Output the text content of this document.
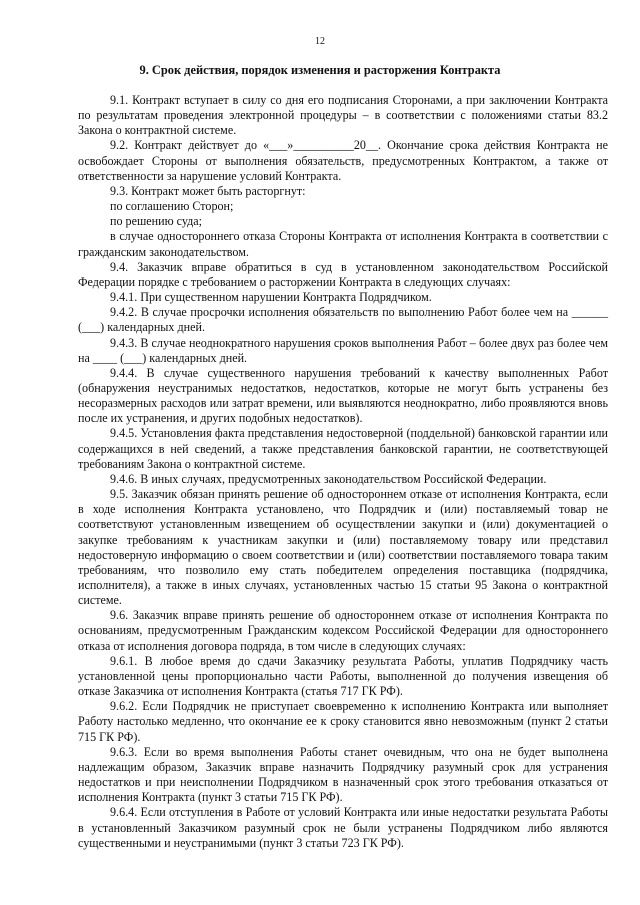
12
9. Срок действия, порядок изменения и расторжения Контракта

9.1. Контракт вступает в силу со дня его подписания Сторонами, а при заключении Контракта по результатам проведения электронной процедуры – в соответствии с положениями статьи 83.2 Закона о контрактной системе.

9.2. Контракт действует до «___»__________20__. Окончание срока действия Контракта не освобождает Стороны от выполнения обязательств, предусмотренных Контрактом, а также от ответственности за нарушение условий Контракта.

9.3. Контракт может быть расторгнут:

по соглашению Сторон;

по решению суда;

в случае одностороннего отказа Стороны Контракта от исполнения Контракта в соответствии с гражданским законодательством.

9.4. Заказчик вправе обратиться в суд в установленном законодательством Российской Федерации порядке с требованием о расторжении Контракта в следующих случаях:

9.4.1. При существенном нарушении Контракта Подрядчиком.

9.4.2. В случае просрочки исполнения обязательств по выполнению Работ более чем на ______ (___) календарных дней.

9.4.3. В случае неоднократного нарушения сроков выполнения Работ – более двух раз более чем на ____ (___) календарных дней.

9.4.4. В случае существенного нарушения требований к качеству выполненных Работ (обнаружения неустранимых недостатков, недостатков, которые не могут быть устранены без несоразмерных расходов или затрат времени, или выявляются неоднократно, либо проявляются вновь после их устранения, и других подобных недостатков).

9.4.5. Установления факта представления недостоверной (поддельной) банковской гарантии или содержащихся в ней сведений, а также представления банковской гарантии, не соответствующей требованиям Закона о контрактной системе.

9.4.6. В иных случаях, предусмотренных законодательством Российской Федерации.

9.5. Заказчик обязан принять решение об одностороннем отказе от исполнения Контракта, если в ходе исполнения Контракта установлено, что Подрядчик и (или) поставляемый товар не соответствуют установленным извещением об осуществлении закупки и (или) документацией о закупке требованиям к участникам закупки и (или) поставляемому товару или представил недостоверную информацию о своем соответствии и (или) соответствии поставляемого товара таким требованиям, что позволило ему стать победителем определения поставщика (подрядчика, исполнителя), а также в иных случаях, установленных частью 15 статьи 95 Закона о контрактной системе.

9.6. Заказчик вправе принять решение об одностороннем отказе от исполнения Контракта по основаниям, предусмотренным Гражданским кодексом Российской Федерации для одностороннего отказа от исполнения договора подряда, в том числе в следующих случаях:

9.6.1. В любое время до сдачи Заказчику результата Работы, уплатив Подрядчику часть установленной цены пропорционально части Работы, выполненной до получения извещения об отказе Заказчика от исполнения Контракта (статья 717 ГК РФ).

9.6.2. Если Подрядчик не приступает своевременно к исполнению Контракта или выполняет Работу настолько медленно, что окончание ее к сроку становится явно невозможным (пункт 2 статьи 715 ГК РФ).

9.6.3. Если во время выполнения Работы станет очевидным, что она не будет выполнена надлежащим образом, Заказчик вправе назначить Подрядчику разумный срок для устранения недостатков и при неисполнении Подрядчиком в назначенный срок этого требования отказаться от исполнения Контракта (пункт 3 статьи 715 ГК РФ).

9.6.4. Если отступления в Работе от условий Контракта или иные недостатки результата Работы в установленный Заказчиком разумный срок не были устранены Подрядчиком либо являются существенными и неустранимыми (пункт 3 статьи 723 ГК РФ).
